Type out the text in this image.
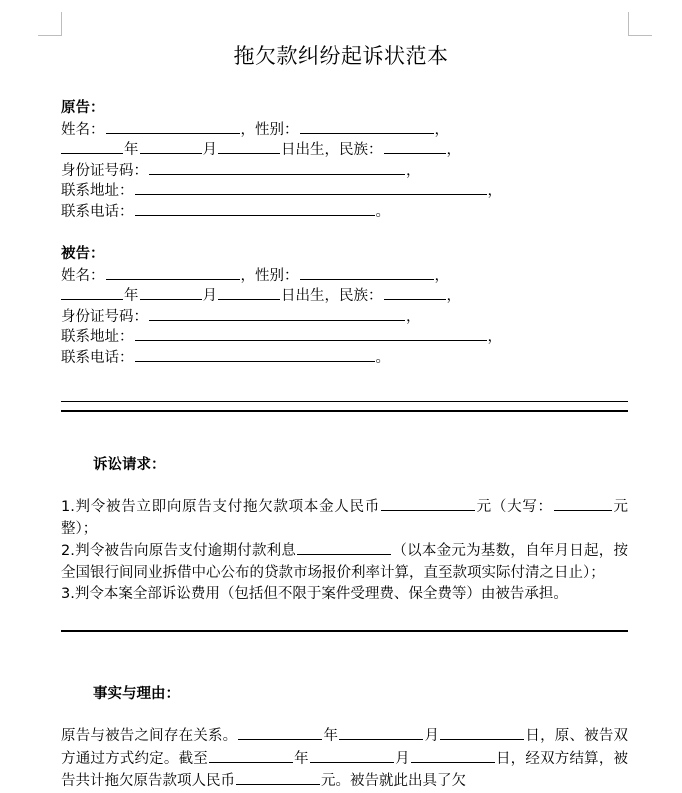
拖欠款纠纷起诉状范本
原告：
姓名：	，性别：	，
年	月	日出生，民族：	，
身份证号码：	，
联系地址：	，
联系电话：	。
被告：
姓名：	，性别：	，
年	月	日出生，民族：	，
身份证号码：	，
联系地址：	，
联系电话：	。
诉讼请求：

1.判令被告立即向原告支付拖欠款项本金人民币	元（大写：	元整）；

2.判令被告向原告支付逾期付款利息	（以本金元为基数，自年月日起，按全国银行间同业拆借中心公布的贷款市场报价利率计算，直至款项实际付清之日止）；

3.判令本案全部诉讼费用（包括但不限于案件受理费、保全费等）由被告承担。

事实与理由：

原告与被告之间存在关系。	年	月	日，原、被告双方通过方式约定。截至	年	月	日，经双方结算，被告共计拖欠原告款项人民币	元。被告就此出具了欠
